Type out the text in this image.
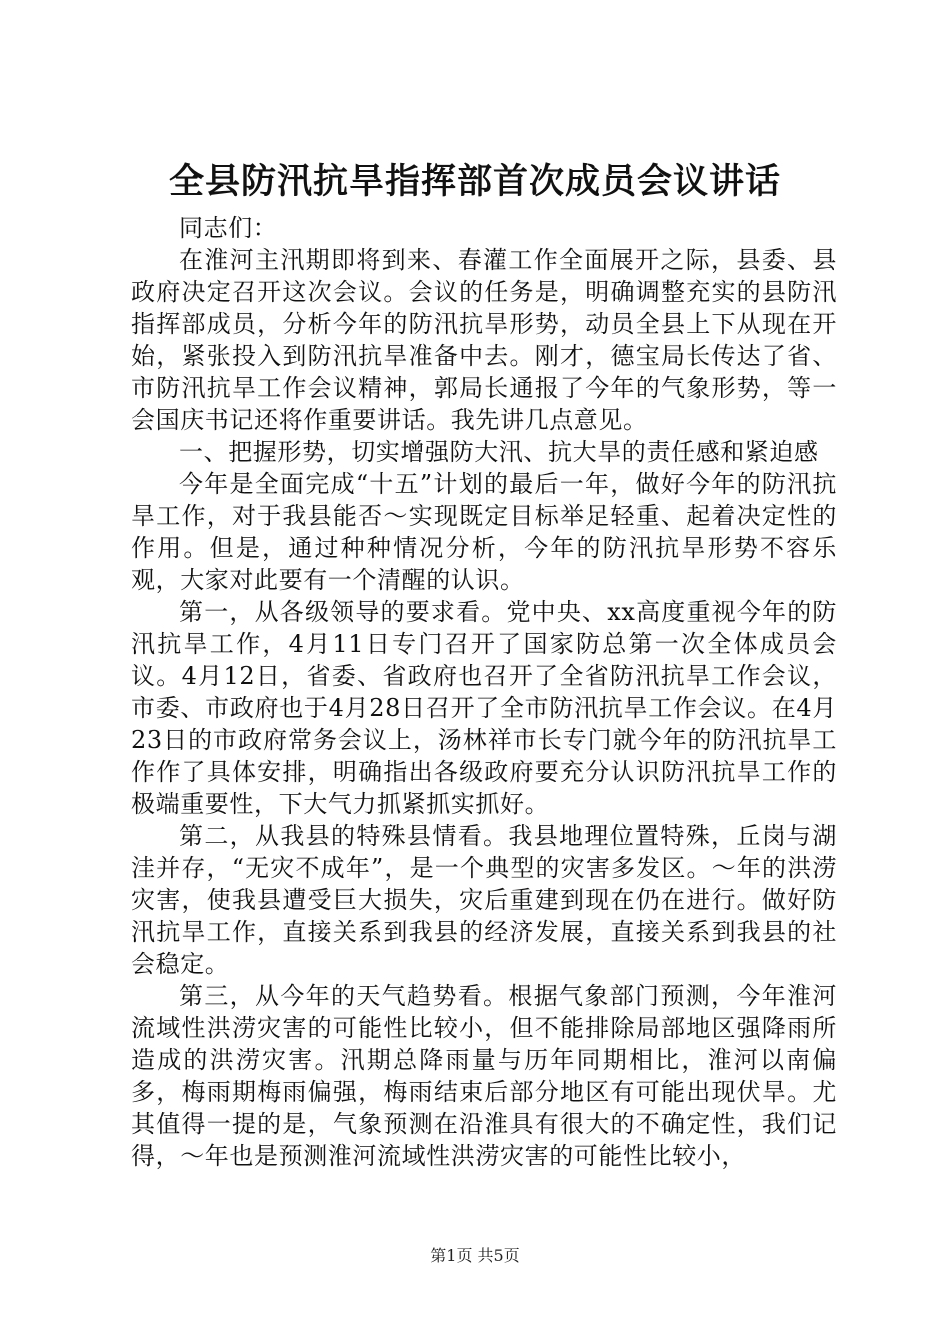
全县防汛抗旱指挥部首次成员会议讲话

同志们：

在淮河主汛期即将到来、春灌工作全面展开之际，县委、县政府决定召开这次会议。会议的任务是，明确调整充实的县防汛指挥部成员，分析今年的防汛抗旱形势，动员全县上下从现在开始，紧张投入到防汛抗旱准备中去。刚才，德宝局长传达了省、市防汛抗旱工作会议精神，郭局长通报了今年的气象形势，等一会国庆书记还将作重要讲话。我先讲几点意见。

一、把握形势，切实增强防大汛、抗大旱的责任感和紧迫感

今年是全面完成“十五”计划的最后一年，做好今年的防汛抗旱工作，对于我县能否～实现既定目标举足轻重、起着决定性的作用。但是，通过种种情况分析，今年的防汛抗旱形势不容乐观，大家对此要有一个清醒的认识。

第一，从各级领导的要求看。党中央、xx高度重视今年的防汛抗旱工作，4月11日专门召开了国家防总第一次全体成员会议。4月12日，省委、省政府也召开了全省防汛抗旱工作会议，市委、市政府也于4月28日召开了全市防汛抗旱工作会议。在4月23日的市政府常务会议上，汤林祥市长专门就今年的防汛抗旱工作作了具体安排，明确指出各级政府要充分认识防汛抗旱工作的极端重要性，下大气力抓紧抓实抓好。

第二，从我县的特殊县情看。我县地理位置特殊，丘岗与湖洼并存，“无灾不成年”，是一个典型的灾害多发区。～年的洪涝灾害，使我县遭受巨大损失，灾后重建到现在仍在进行。做好防汛抗旱工作，直接关系到我县的经济发展，直接关系到我县的社会稳定。

第三，从今年的天气趋势看。根据气象部门预测，今年淮河流域性洪涝灾害的可能性比较小，但不能排除局部地区强降雨所造成的洪涝灾害。汛期总降雨量与历年同期相比，淮河以南偏多，梅雨期梅雨偏强，梅雨结束后部分地区有可能出现伏旱。尤其值得一提的是，气象预测在沿淮具有很大的不确定性，我们记得，～年也是预测淮河流域性洪涝灾害的可能性比较小，

第1页 共5页
